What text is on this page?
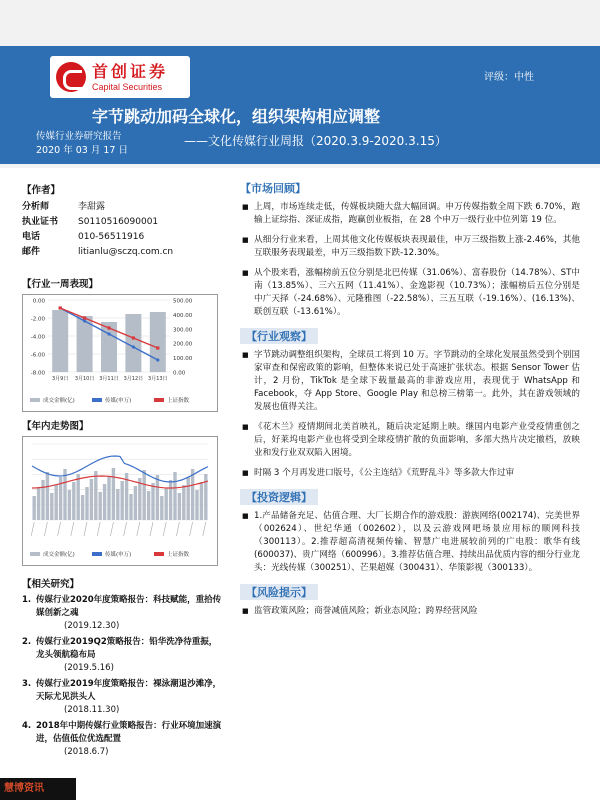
首创证券
Capital Securities
评级：中性
字节跳动加码全球化，组织架构相应调整
传媒行业券研究报告
2020 年 03 月 17 日
——文化传媒行业周报（2020.3.9-2020.3.15）
【作者】
分析师	李甜露
执业证书	S0110516090001
电话	010-56511916
邮件	litianlu@sczq.com.cn
【行业一周表现】
0.00
-2.00
-4.00
-6.00
-8.00
500.00
400.00
300.00
200.00
100.00
0.00
3月9日 3月10日 3月11日 3月12日 3月13日
成交金额(亿)	传媒(申万)	上证指数
【年内走势图】
成交金额(亿)	传媒(申万)	上证指数
【相关研究】
1. 传媒行业2020年度策略报告：科技赋能，重拾传媒创新之魂
(2019.12.30)
2. 传媒行业2019Q2策略报告：铅华洗净待重振，龙头领航稳布局
(2019.5.16)
3. 传媒行业2019年度策略报告：裸泳潮退沙滩净，天际尤见洪头人
(2018.11.30)
4. 2018年中期传媒行业策略报告：行业环境加速演进，估值低位优选配置
(2018.6.7)
慧博资讯
【市场回顾】
■ 上周，市场连续走低，传媒板块随大盘大幅回调。申万传媒指数全周下跌 6.70%，跑输上证综指、深证成指，跑赢创业板指，在 28 个申万一级行业中位列第 19 位。

■ 从细分行业来看，上周其他文化传媒板块表现最佳，申万三级指数上涨-2.46%，其他互联服务表现最差，申万三级指数下跌-12.30%。

■ 从个股来看，涨幅榜前五位分别是北巴传媒（31.06%）、富春股份（14.78%）、ST中南（13.85%）、三六五网（11.41%）、金逸影视（10.73%）；涨幅榜后五位分别是中广天择（-24.68%）、元隆雅图（-22.58%）、三五互联（-19.16%）、(16.13%)、联创互联（-13.61%）。

【行业观察】
■ 字节跳动调整组织架构，全球员工将到 10 万。字节跳动的全球化发展虽然受到个别国家审查和保密政策的影响，但整体来说已处于高速扩张状态。根据 Sensor Tower 估计，2 月份，TikTok 是全球下载量最高的非游戏应用，表现优于 WhatsApp 和 Facebook，夺 App Store、Google Play 和总榜三榜第一。此外，其在游戏领域的发展也值得关注。

■ 《花木兰》疫情期间北美首映礼，随后决定延期上映。继国内电影产业受疫情重创之后，好莱坞电影产业也将受到全球疫情扩散的负面影响，多部大热片决定撤档，放映业和发行业双双陷入困境。

■ 时隔 3 个月再发进口版号，《公主连结》《荒野乱斗》等多款大作过审

【投资逻辑】
■ 1.产品储备充足、估值合理、大厂长期合作的游戏股：游族网络(002174)、完美世界（002624）、世纪华通（002602），以及云游戏网吧场景应用标的顺网科技（300113）。2.推荐超高清视频传输、智慧广电进展较前列的广电股：歌华有线(600037)、贵广网络（600996）。3.推荐估值合理、持续出品优质内容的细分行业龙头：光线传媒（300251）、芒果超媒（300431）、华策影视（300133）。

【风险提示】
■ 监管政策风险；商誉减值风险；新业态风险；跨界经营风险
